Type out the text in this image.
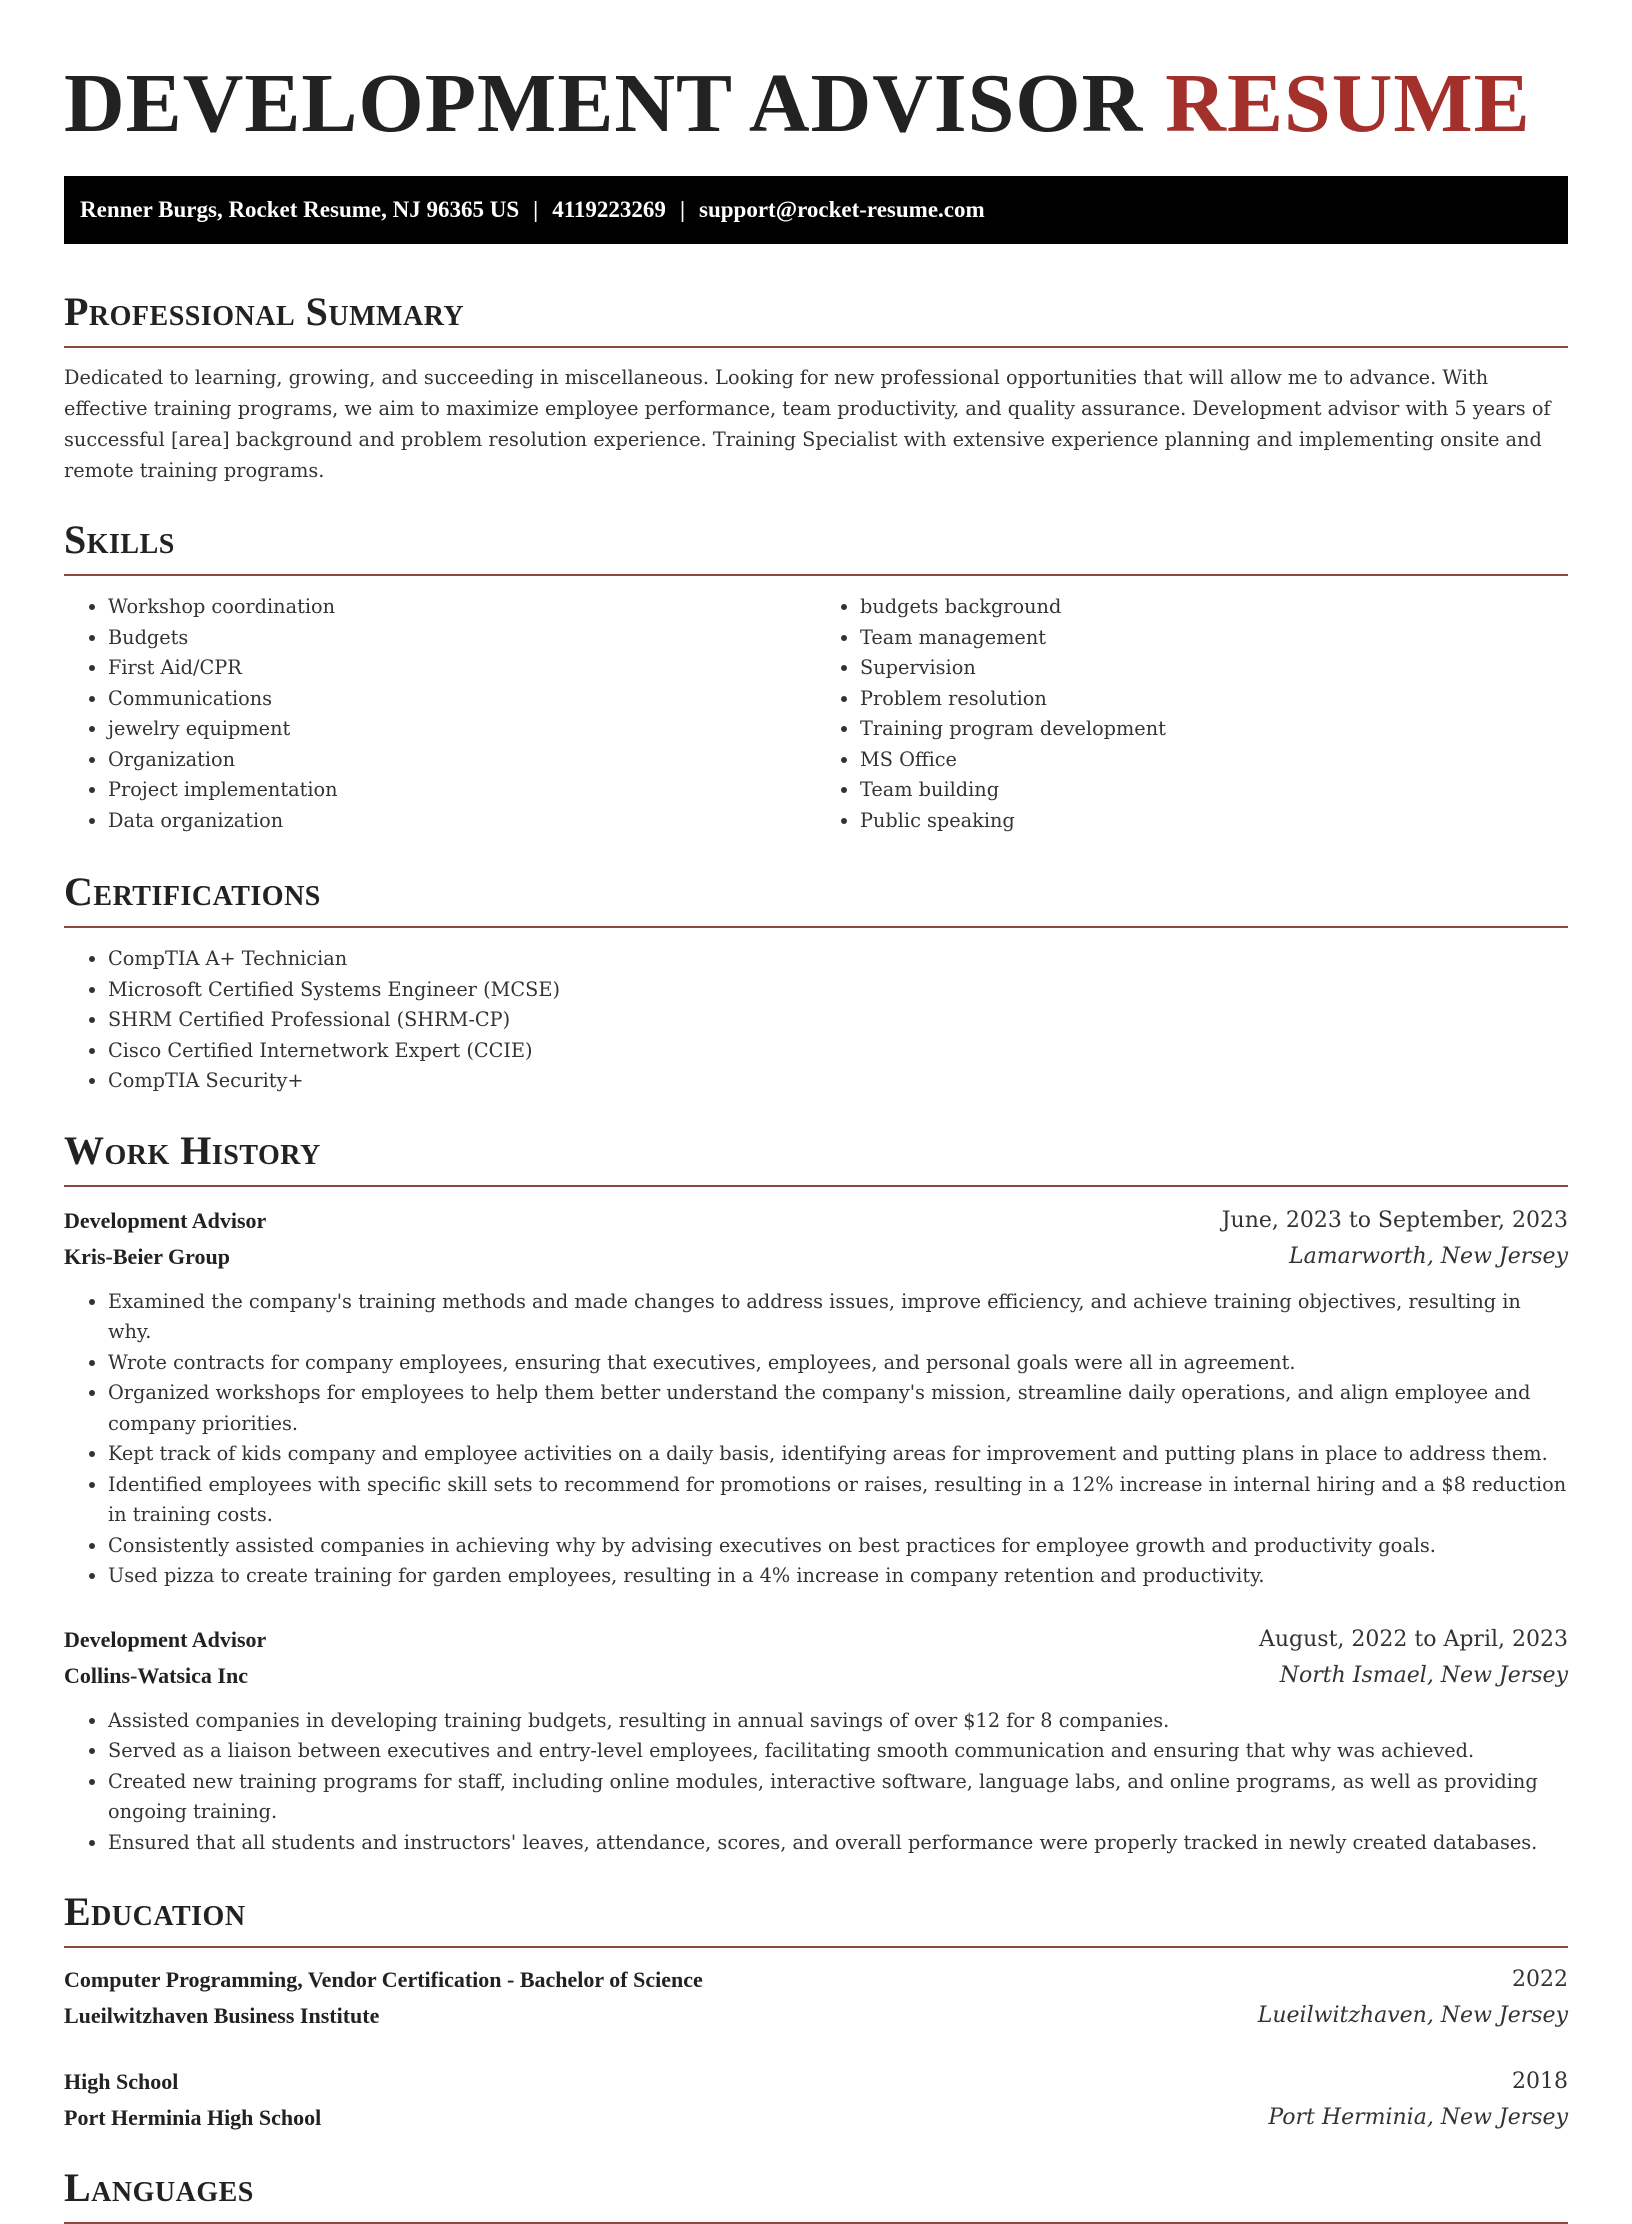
DEVELOPMENT ADVISOR RESUME
Renner Burgs, Rocket Resume, NJ 96365 US | 4119223269 | support@rocket-resume.com
Professional Summary

Dedicated to learning, growing, and succeeding in miscellaneous. Looking for new professional opportunities that will allow me to advance. With effective training programs, we aim to maximize employee performance, team productivity, and quality assurance. Development advisor with 5 years of successful [area] background and problem resolution experience. Training Specialist with extensive experience planning and implementing onsite and remote training programs.

Skills
• Workshop coordination
• Budgets
• First Aid/CPR
• Communications
• jewelry equipment
• Organization
• Project implementation
• Data organization
• budgets background
• Team management
• Supervision
• Problem resolution
• Training program development
• MS Office
• Team building
• Public speaking
Certifications
• CompTIA A+ Technician
• Microsoft Certified Systems Engineer (MCSE)
• SHRM Certified Professional (SHRM-CP)
• Cisco Certified Internetwork Expert (CCIE)
• CompTIA Security+
Work History
Development Advisor	June, 2023 to September, 2023
Kris-Beier Group	Lamarworth, New Jersey
• Examined the company's training methods and made changes to address issues, improve efficiency, and achieve training objectives, resulting in why.
• Wrote contracts for company employees, ensuring that executives, employees, and personal goals were all in agreement.
• Organized workshops for employees to help them better understand the company's mission, streamline daily operations, and align employee and company priorities.
• Kept track of kids company and employee activities on a daily basis, identifying areas for improvement and putting plans in place to address them.
• Identified employees with specific skill sets to recommend for promotions or raises, resulting in a 12% increase in internal hiring and a $8 reduction in training costs.
• Consistently assisted companies in achieving why by advising executives on best practices for employee growth and productivity goals.
• Used pizza to create training for garden employees, resulting in a 4% increase in company retention and productivity.
Development Advisor	August, 2022 to April, 2023
Collins-Watsica Inc	North Ismael, New Jersey
• Assisted companies in developing training budgets, resulting in annual savings of over $12 for 8 companies.
• Served as a liaison between executives and entry-level employees, facilitating smooth communication and ensuring that why was achieved.
• Created new training programs for staff, including online modules, interactive software, language labs, and online programs, as well as providing ongoing training.
• Ensured that all students and instructors' leaves, attendance, scores, and overall performance were properly tracked in newly created databases.
Education
Computer Programming, Vendor Certification - Bachelor of Science	2022
Lueilwitzhaven Business Institute	Lueilwitzhaven, New Jersey
High School	2018
Port Herminia High School	Port Herminia, New Jersey
Languages
